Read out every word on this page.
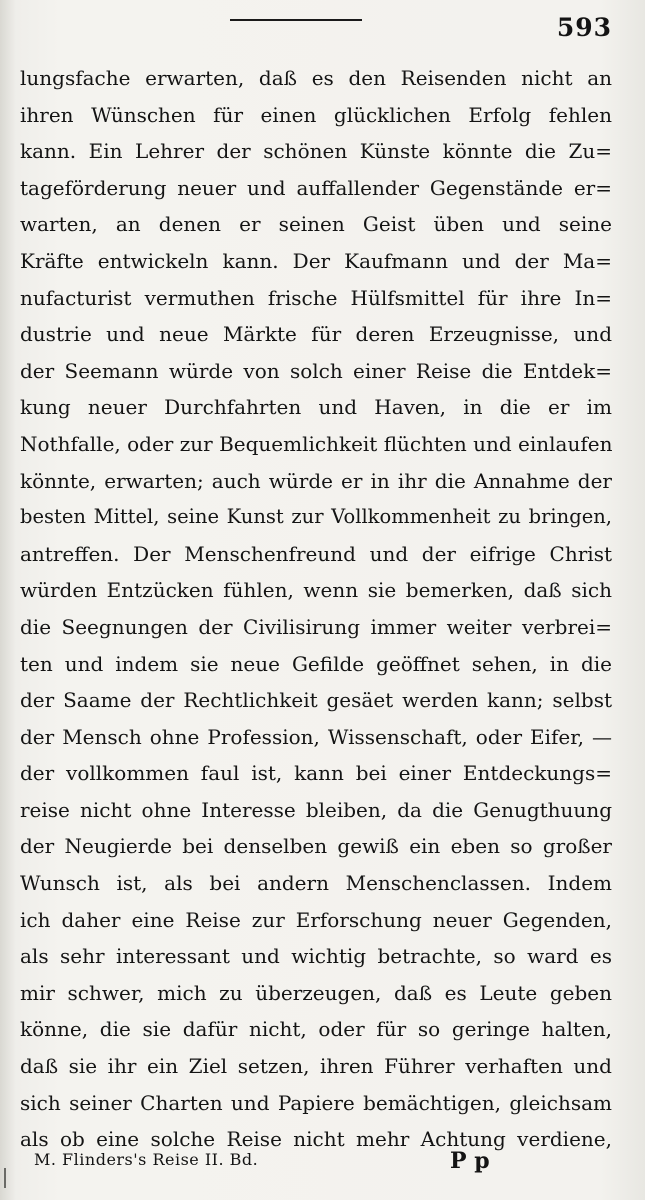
593
lungsfache erwarten, daß es den Reisenden nicht an
ihren Wünschen für einen glücklichen Erfolg fehlen
kann. Ein Lehrer der schönen Künste könnte die Zu=
tageförderung neuer und auffallender Gegenstände er=
warten, an denen er seinen Geist üben und seine
Kräfte entwickeln kann. Der Kaufmann und der Ma=
nufacturist vermuthen frische Hülfsmittel für ihre In=
dustrie und neue Märkte für deren Erzeugnisse, und
der Seemann würde von solch einer Reise die Entdek=
kung neuer Durchfahrten und Haven, in die er im
Nothfalle, oder zur Bequemlichkeit flüchten und einlaufen
könnte, erwarten; auch würde er in ihr die Annahme der
besten Mittel, seine Kunst zur Vollkommenheit zu bringen,
antreffen. Der Menschenfreund und der eifrige Christ
würden Entzücken fühlen, wenn sie bemerken, daß sich
die Seegnungen der Civilisirung immer weiter verbrei=
ten und indem sie neue Gefilde geöffnet sehen, in die
der Saame der Rechtlichkeit gesäet werden kann; selbst
der Mensch ohne Profession, Wissenschaft, oder Eifer, —
der vollkommen faul ist, kann bei einer Entdeckungs=
reise nicht ohne Interesse bleiben, da die Genugthuung
der Neugierde bei denselben gewiß ein eben so großer
Wunsch ist, als bei andern Menschenclassen. Indem
ich daher eine Reise zur Erforschung neuer Gegenden,
als sehr interessant und wichtig betrachte, so ward es
mir schwer, mich zu überzeugen, daß es Leute geben
könne, die sie dafür nicht, oder für so geringe halten,
daß sie ihr ein Ziel setzen, ihren Führer verhaften und
sich seiner Charten und Papiere bemächtigen, gleichsam
als ob eine solche Reise nicht mehr Achtung verdiene,
M. Flinders's Reise II. Bd.	P p
